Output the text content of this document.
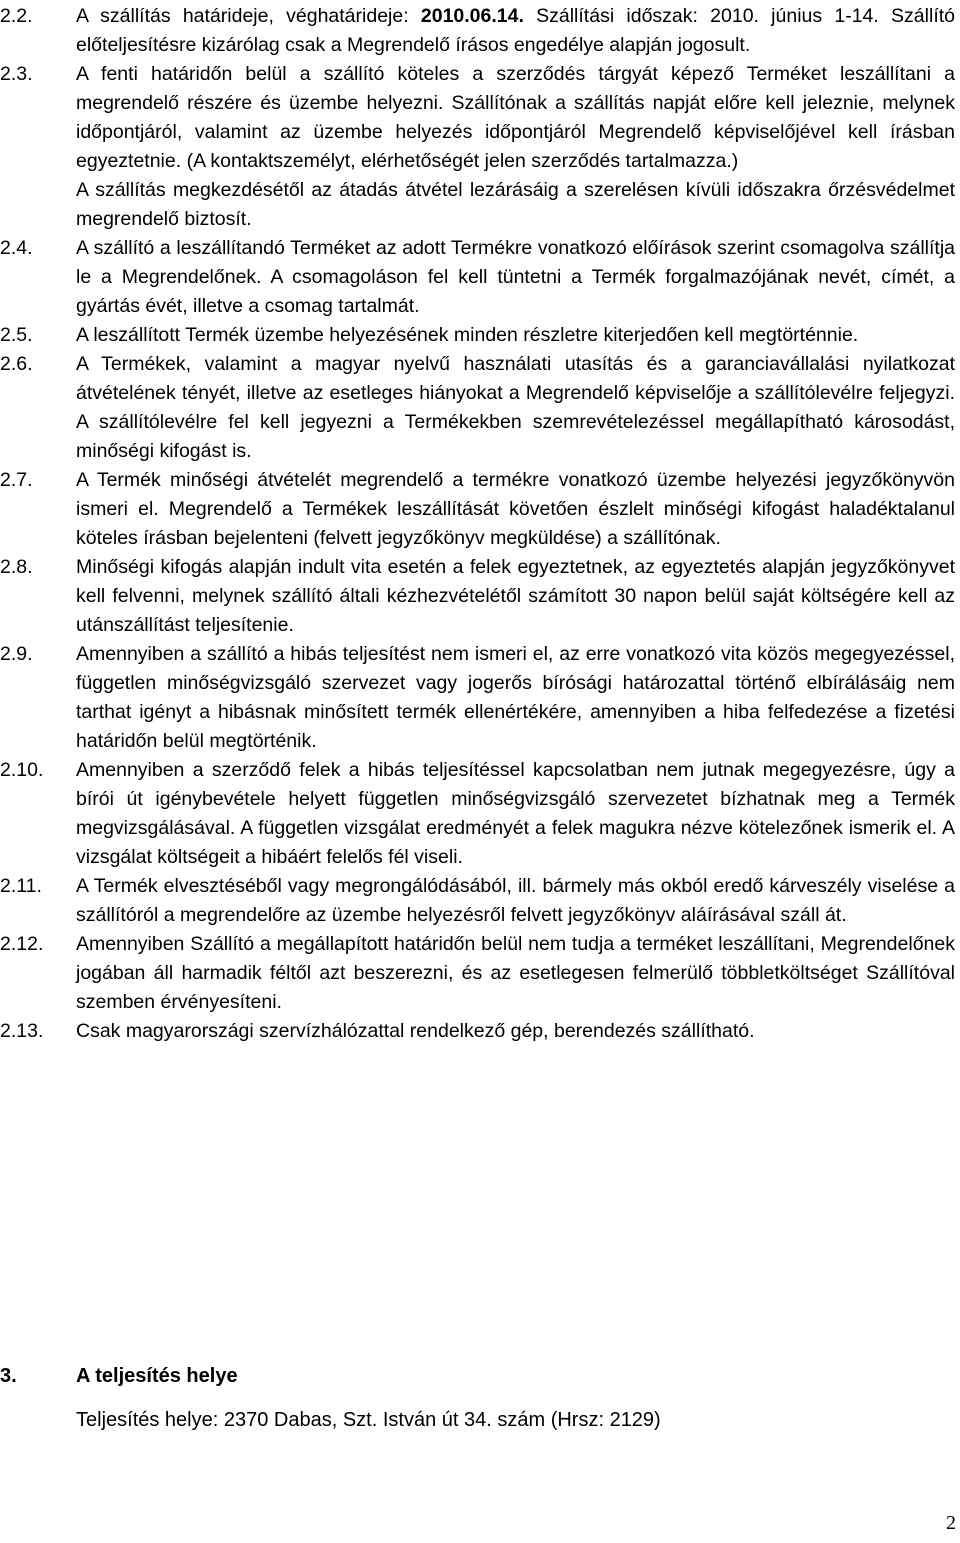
2.2. A szállítás határideje, véghatárideje: 2010.06.14. Szállítási időszak: 2010. június 1-14. Szállító előteljesítésre kizárólag csak a Megrendelő írásos engedélye alapján jogosult.

2.3. A fenti határidőn belül a szállító köteles a szerződés tárgyát képező Terméket leszállítani a megrendelő részére és üzembe helyezni. Szállítónak a szállítás napját előre kell jeleznie, melynek időpontjáról, valamint az üzembe helyezés időpontjáról Megrendelő képviselőjével kell írásban egyeztetnie. (A kontaktszemélyt, elérhetőségét jelen szerződés tartalmazza.)

A szállítás megkezdésétől az átadás átvétel lezárásáig a szerelésen kívüli időszakra őrzésvédelmet megrendelő biztosít.

2.4. A szállító a leszállítandó Terméket az adott Termékre vonatkozó előírások szerint csomagolva szállítja le a Megrendelőnek. A csomagoláson fel kell tüntetni a Termék forgalmazójának nevét, címét, a gyártás évét, illetve a csomag tartalmát.

2.5. A leszállított Termék üzembe helyezésének minden részletre kiterjedően kell megtörténnie.

2.6. A Termékek, valamint a magyar nyelvű használati utasítás és a garanciavállalási nyilatkozat átvételének tényét, illetve az esetleges hiányokat a Megrendelő képviselője a szállítólevélre feljegyzi. A szállítólevélre fel kell jegyezni a Termékekben szemrevételezéssel megállapítható károsodást, minőségi kifogást is.

2.7. A Termék minőségi átvételét megrendelő a termékre vonatkozó üzembe helyezési jegyzőkönyvön ismeri el. Megrendelő a Termékek leszállítását követően észlelt minőségi kifogást haladéktalanul köteles írásban bejelenteni (felvett jegyzőkönyv megküldése) a szállítónak.

2.8. Minőségi kifogás alapján indult vita esetén a felek egyeztetnek, az egyeztetés alapján jegyzőkönyvet kell felvenni, melynek szállító általi kézhezvételétől számított 30 napon belül saját költségére kell az utánszállítást teljesítenie.

2.9. Amennyiben a szállító a hibás teljesítést nem ismeri el, az erre vonatkozó vita közös megegyezéssel, független minőségvizsgáló szervezet vagy jogerős bírósági határozattal történő elbírálásáig nem tarthat igényt a hibásnak minősített termék ellenértékére, amennyiben a hiba felfedezése a fizetési határidőn belül megtörténik.

2.10. Amennyiben a szerződő felek a hibás teljesítéssel kapcsolatban nem jutnak megegyezésre, úgy a bírói út igénybevétele helyett független minőségvizsgáló szervezetet bízhatnak meg a Termék megvizsgálásával. A független vizsgálat eredményét a felek magukra nézve kötelezőnek ismerik el. A vizsgálat költségeit a hibáért felelős fél viseli.

2.11. A Termék elvesztéséből vagy megrongálódásából, ill. bármely más okból eredő kárveszély viselése a szállítóról a megrendelőre az üzembe helyezésről felvett jegyzőkönyv aláírásával száll át.

2.12. Amennyiben Szállító a megállapított határidőn belül nem tudja a terméket leszállítani, Megrendelőnek jogában áll harmadik féltől azt beszerezni, és az esetlegesen felmerülő többletköltséget Szállítóval szemben érvényesíteni.

2.13. Csak magyarországi szervízhálózattal rendelkező gép, berendezés szállítható.

3.	A teljesítés helye
Teljesítés helye: 2370 Dabas, Szt. István út 34. szám (Hrsz: 2129)
2
